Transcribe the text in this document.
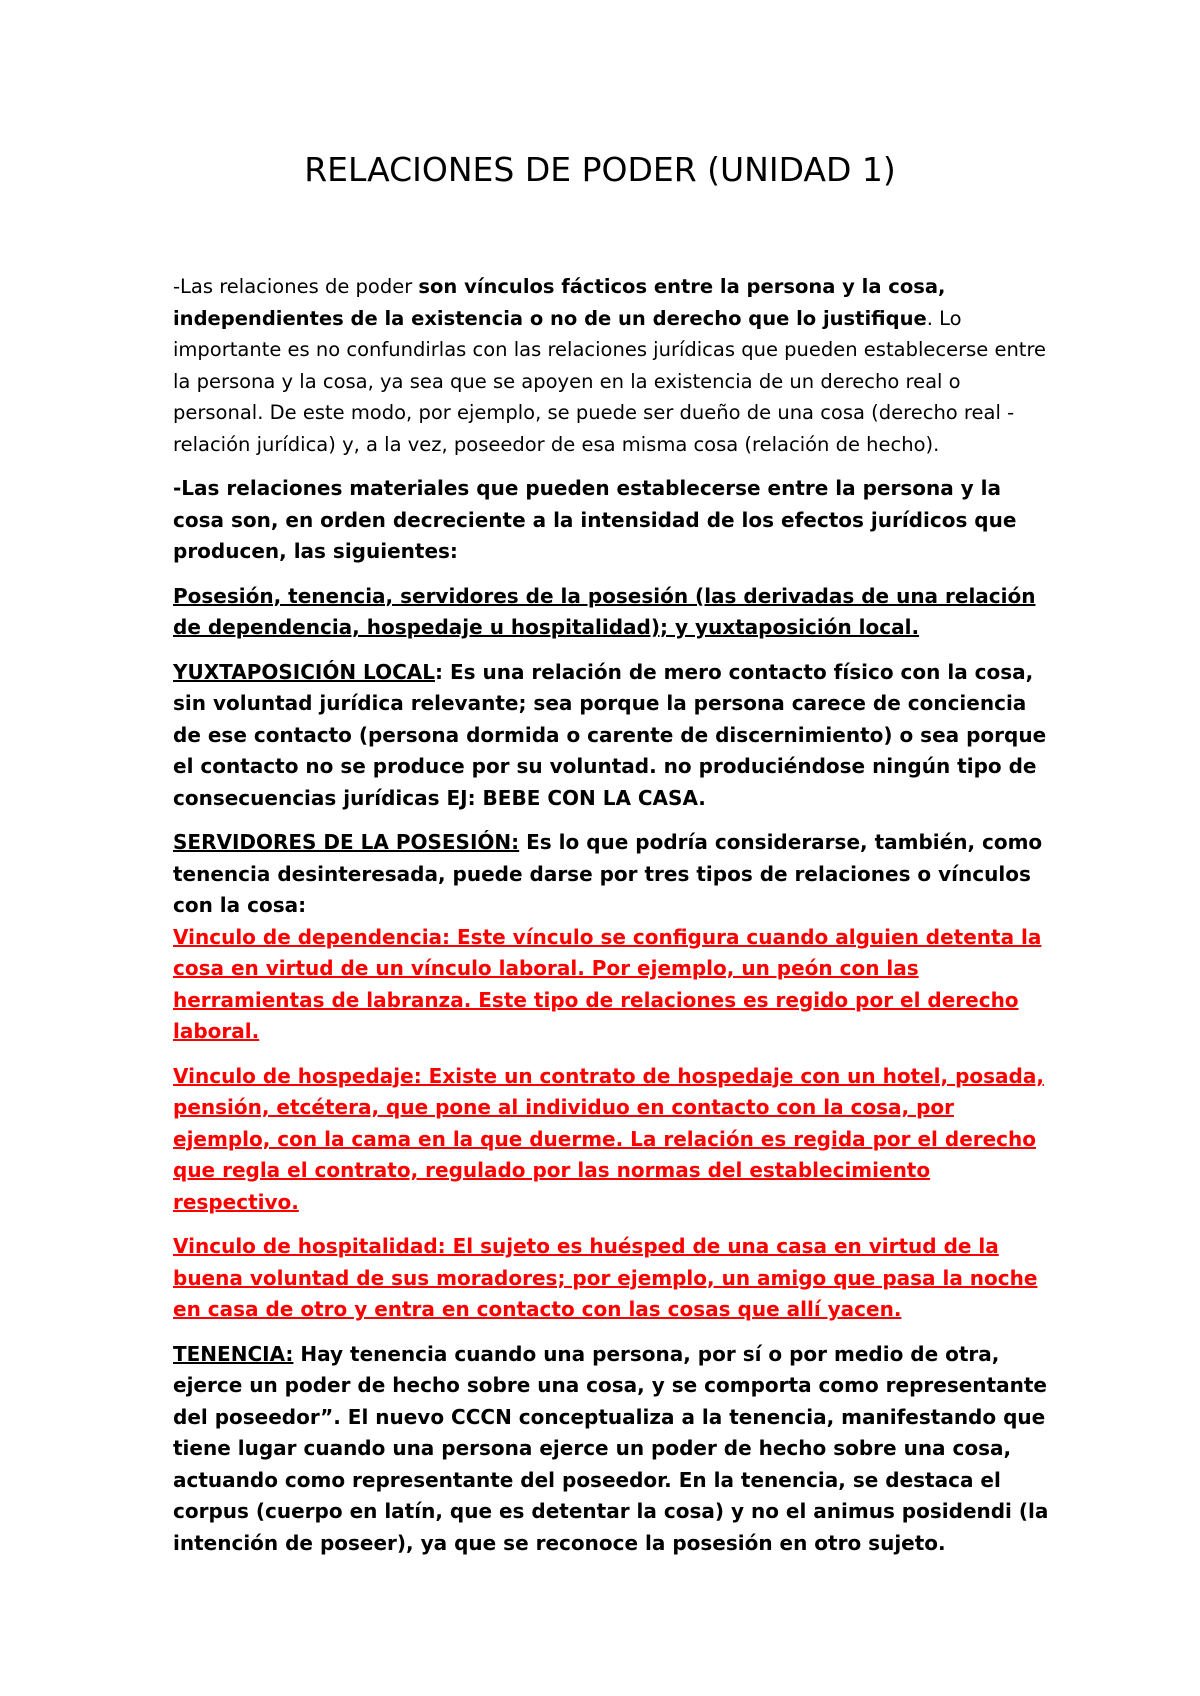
RELACIONES DE PODER (UNIDAD 1)

-Las relaciones de poder son vínculos fácticos entre la persona y la cosa, independientes de la existencia o no de un derecho que lo justifique. Lo importante es no confundirlas con las relaciones jurídicas que pueden establecerse entre la persona y la cosa, ya sea que se apoyen en la existencia de un derecho real o personal. De este modo, por ejemplo, se puede ser dueño de una cosa (derecho real - relación jurídica) y, a la vez, poseedor de esa misma cosa (relación de hecho).

-Las relaciones materiales que pueden establecerse entre la persona y la cosa son, en orden decreciente a la intensidad de los efectos jurídicos que producen, las siguientes:

Posesión, tenencia, servidores de la posesión (las derivadas de una relación de dependencia, hospedaje u hospitalidad); y yuxtaposición local.

YUXTAPOSICIÓN LOCAL: Es una relación de mero contacto físico con la cosa, sin voluntad jurídica relevante; sea porque la persona carece de conciencia de ese contacto (persona dormida o carente de discernimiento) o sea porque el contacto no se produce por su voluntad. no produciéndose ningún tipo de consecuencias jurídicas EJ: BEBE CON LA CASA.

SERVIDORES DE LA POSESIÓN: Es lo que podría considerarse, también, como tenencia desinteresada, puede darse por tres tipos de relaciones o vínculos con la cosa:
Vinculo de dependencia: Este vínculo se configura cuando alguien detenta la cosa en virtud de un vínculo laboral. Por ejemplo, un peón con las herramientas de labranza. Este tipo de relaciones es regido por el derecho laboral.

Vinculo de hospedaje: Existe un contrato de hospedaje con un hotel, posada, pensión, etcétera, que pone al individuo en contacto con la cosa, por ejemplo, con la cama en la que duerme. La relación es regida por el derecho que regla el contrato, regulado por las normas del establecimiento respectivo.

Vinculo de hospitalidad: El sujeto es huésped de una casa en virtud de la buena voluntad de sus moradores; por ejemplo, un amigo que pasa la noche en casa de otro y entra en contacto con las cosas que allí yacen.

TENENCIA: Hay tenencia cuando una persona, por sí o por medio de otra, ejerce un poder de hecho sobre una cosa, y se comporta como representante del poseedor”. El nuevo CCCN conceptualiza a la tenencia, manifestando que tiene lugar cuando una persona ejerce un poder de hecho sobre una cosa, actuando como representante del poseedor. En la tenencia, se destaca el corpus (cuerpo en latín, que es detentar la cosa) y no el animus posidendi (la intención de poseer), ya que se reconoce la posesión en otro sujeto.
